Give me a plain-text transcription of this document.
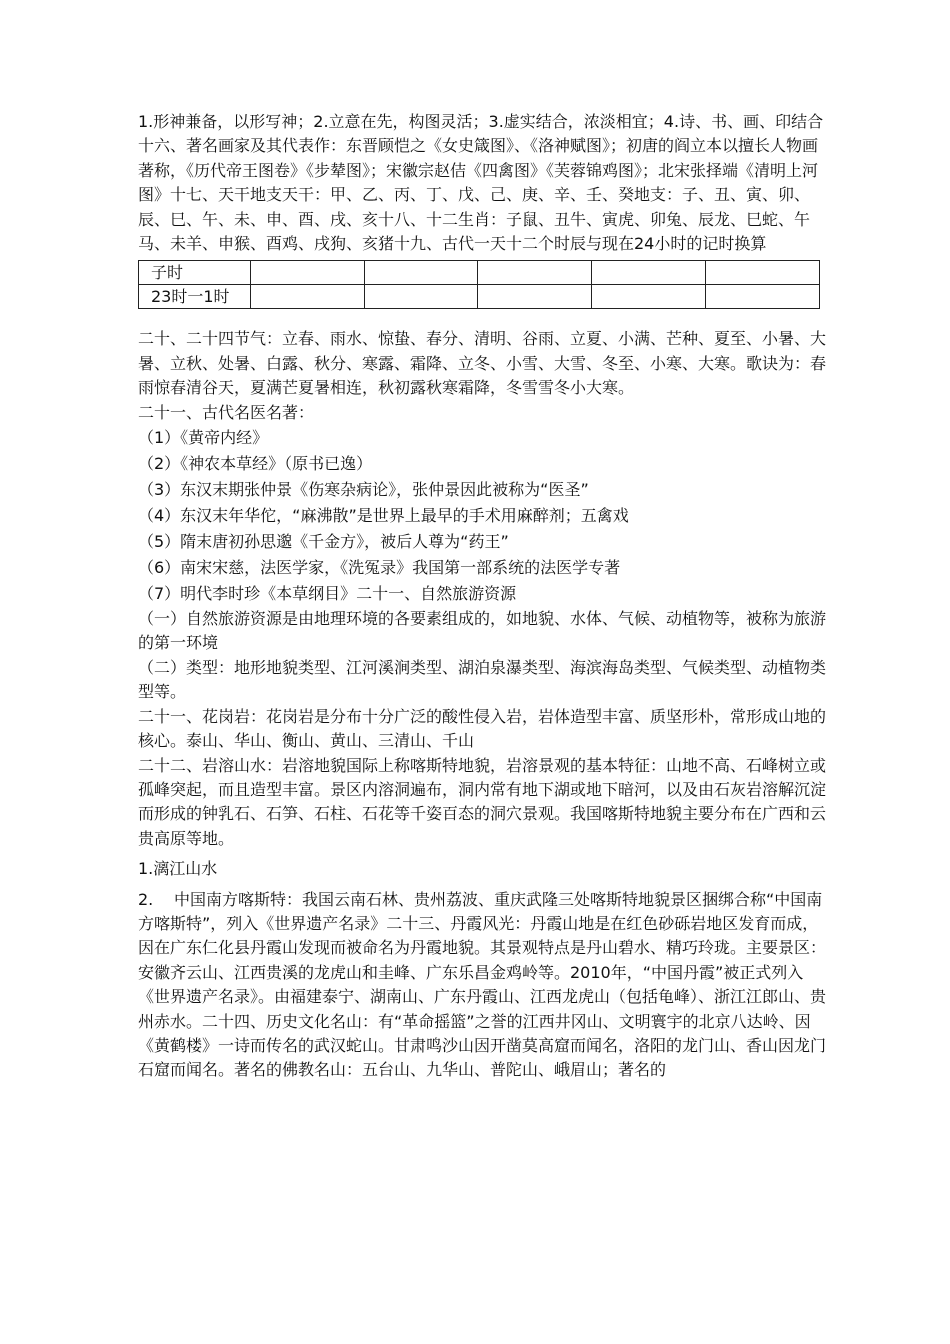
1.形神兼备，以形写神；2.立意在先，构图灵活；3.虚实结合，浓淡相宜；4.诗、书、画、印结合

十六、著名画家及其代表作：东晋顾恺之《女史箴图》、《洛神赋图》；初唐的阎立本以擅长人物画著称，《历代帝王图卷》《步辇图》；宋徽宗赵佶《四禽图》《芙蓉锦鸡图》；北宋张择端《清明上河图》十七、天干地支天干：甲、乙、丙、丁、戊、己、庚、辛、壬、癸地支：子、丑、寅、卯、辰、巳、午、未、申、酉、戌、亥十八、十二生肖：子鼠、丑牛、寅虎、卯兔、辰龙、巳蛇、午马、未羊、申猴、酉鸡、戌狗、亥猪十九、古代一天十二个时辰与现在24小时的记时换算

子时					
23时一1时					

二十、二十四节气：立春、雨水、惊蛰、春分、清明、谷雨、立夏、小满、芒种、夏至、小暑、大暑、立秋、处暑、白露、秋分、寒露、霜降、立冬、小雪、大雪、冬至、小寒、大寒。歌诀为：春雨惊春清谷天，夏满芒夏暑相连，秋初露秋寒霜降，冬雪雪冬小大寒。

二十一、古代名医名著：

（1）《黄帝内经》

（2）《神农本草经》（原书已逸）

（3）东汉末期张仲景《伤寒杂病论》，张仲景因此被称为“医圣”

（4）东汉末年华佗，“麻沸散”是世界上最早的手术用麻醉剂；五禽戏

（5）隋末唐初孙思邈《千金方》，被后人尊为“药王”

（6）南宋宋慈，法医学家，《洗冤录》我国第一部系统的法医学专著

（7）明代李时珍《本草纲目》二十一、自然旅游资源

（一）自然旅游资源是由地理环境的各要素组成的，如地貌、水体、气候、动植物等，被称为旅游的第一环境

（二）类型：地形地貌类型、江河溪涧类型、湖泊泉瀑类型、海滨海岛类型、气候类型、动植物类型等。

二十一、花岗岩：花岗岩是分布十分广泛的酸性侵入岩，岩体造型丰富、质坚形朴，常形成山地的核心。泰山、华山、衡山、黄山、三清山、千山

二十二、岩溶山水：岩溶地貌国际上称喀斯特地貌，岩溶景观的基本特征：山地不高、石峰树立或孤峰突起，而且造型丰富。景区内溶洞遍布，洞内常有地下湖或地下暗河，以及由石灰岩溶解沉淀而形成的钟乳石、石笋、石柱、石花等千姿百态的洞穴景观。我国喀斯特地貌主要分布在广西和云贵高原等地。

1.漓江山水

2. 中国南方喀斯特：我国云南石林、贵州荔波、重庆武隆三处喀斯特地貌景区捆绑合称“中国南方喀斯特”，列入《世界遗产名录》二十三、丹霞风光：丹霞山地是在红色砂砾岩地区发育而成，因在广东仁化县丹霞山发现而被命名为丹霞地貌。其景观特点是丹山碧水、精巧玲珑。主要景区：安徽齐云山、江西贵溪的龙虎山和圭峰、广东乐昌金鸡岭等。2010年，“中国丹霞”被正式列入《世界遗产名录》。由福建泰宁、湖南山、广东丹霞山、江西龙虎山（包括龟峰）、浙江江郎山、贵州赤水。二十四、历史文化名山：有“革命摇篮”之誉的江西井冈山、文明寰宇的北京八达岭、因《黄鹤楼》一诗而传名的武汉蛇山。甘肃鸣沙山因开凿莫高窟而闻名，洛阳的龙门山、香山因龙门石窟而闻名。著名的佛教名山：五台山、九华山、普陀山、峨眉山；著名的
